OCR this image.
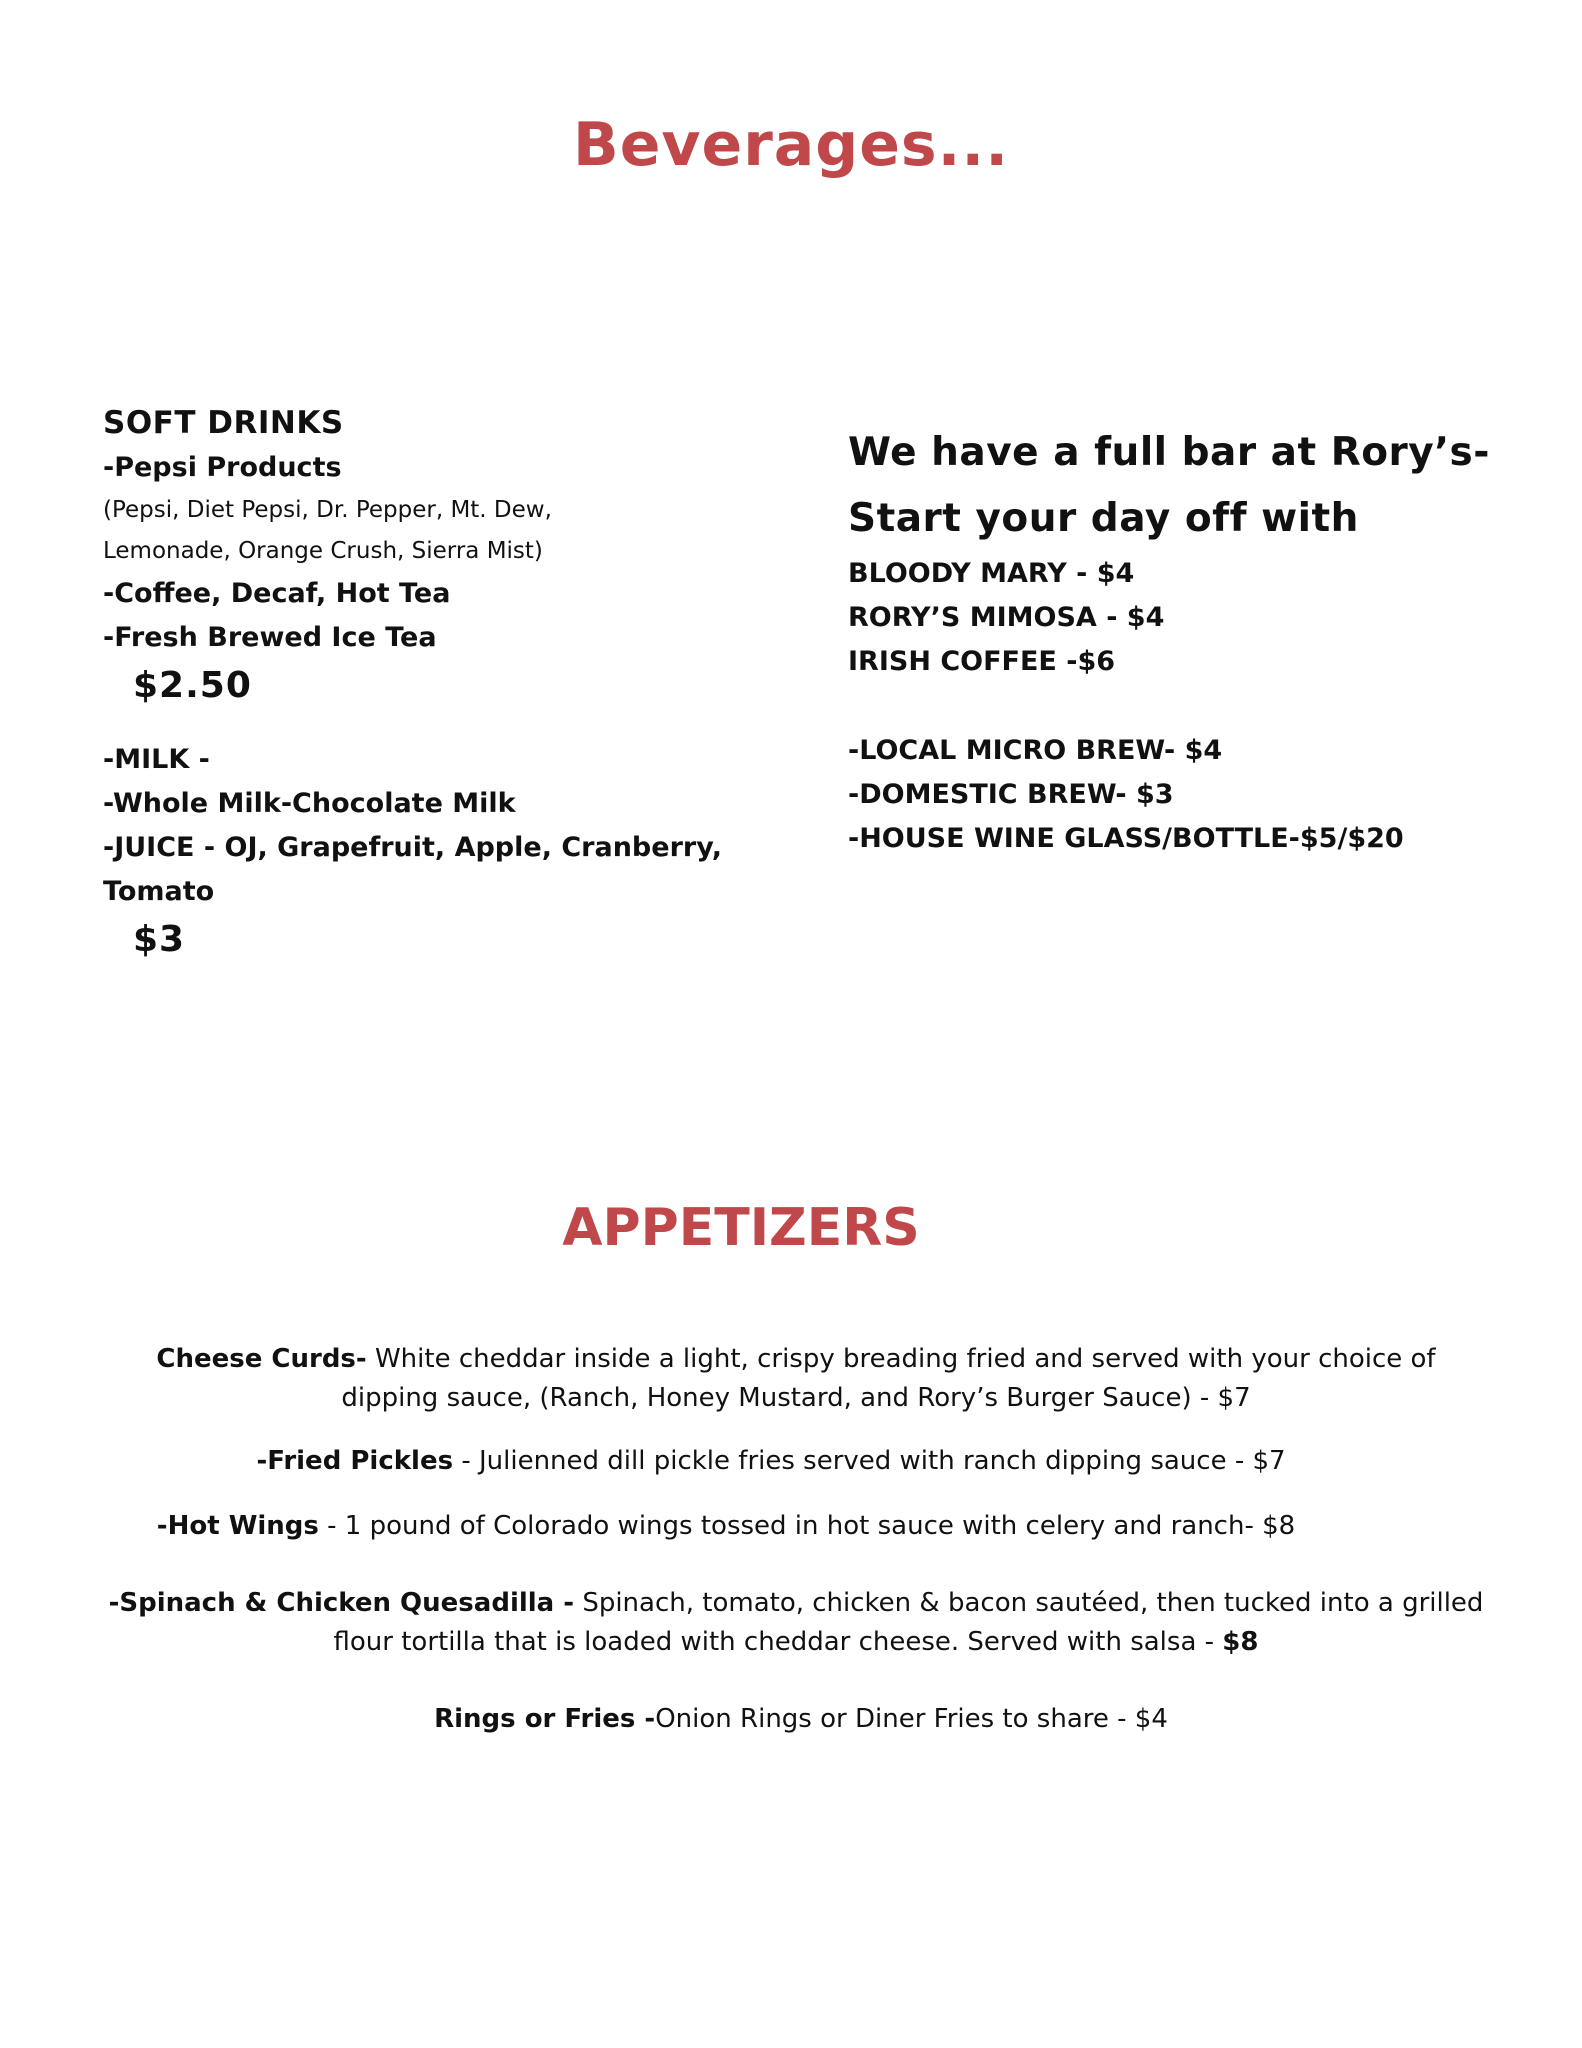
Beverages...
SOFT DRINKS
-Pepsi Products
(Pepsi, Diet Pepsi, Dr. Pepper, Mt. Dew,
Lemonade, Orange Crush, Sierra Mist)
-Coffee, Decaf, Hot Tea
-Fresh Brewed Ice Tea
$2.50
-MILK -
-Whole Milk-Chocolate Milk
-JUICE - OJ, Grapefruit, Apple, Cranberry,
Tomato
$3
We have a full bar at Rory’s-
Start your day off with
BLOODY MARY - $4
RORY’S MIMOSA - $4
IRISH COFFEE -$6
-LOCAL MICRO BREW- $4
-DOMESTIC BREW- $3
-HOUSE WINE GLASS/BOTTLE-$5/$20
APPETIZERS
Cheese Curds- White cheddar inside a light, crispy breading fried and served with your choice of
dipping sauce, (Ranch, Honey Mustard, and Rory’s Burger Sauce) - $7
-Fried Pickles - Julienned dill pickle fries served with ranch dipping sauce - $7
-Hot Wings - 1 pound of Colorado wings tossed in hot sauce with celery and ranch- $8
-Spinach & Chicken Quesadilla - Spinach, tomato, chicken & bacon sautéed, then tucked into a grilled
flour tortilla that is loaded with cheddar cheese. Served with salsa - $8
Rings or Fries -Onion Rings or Diner Fries to share - $4
